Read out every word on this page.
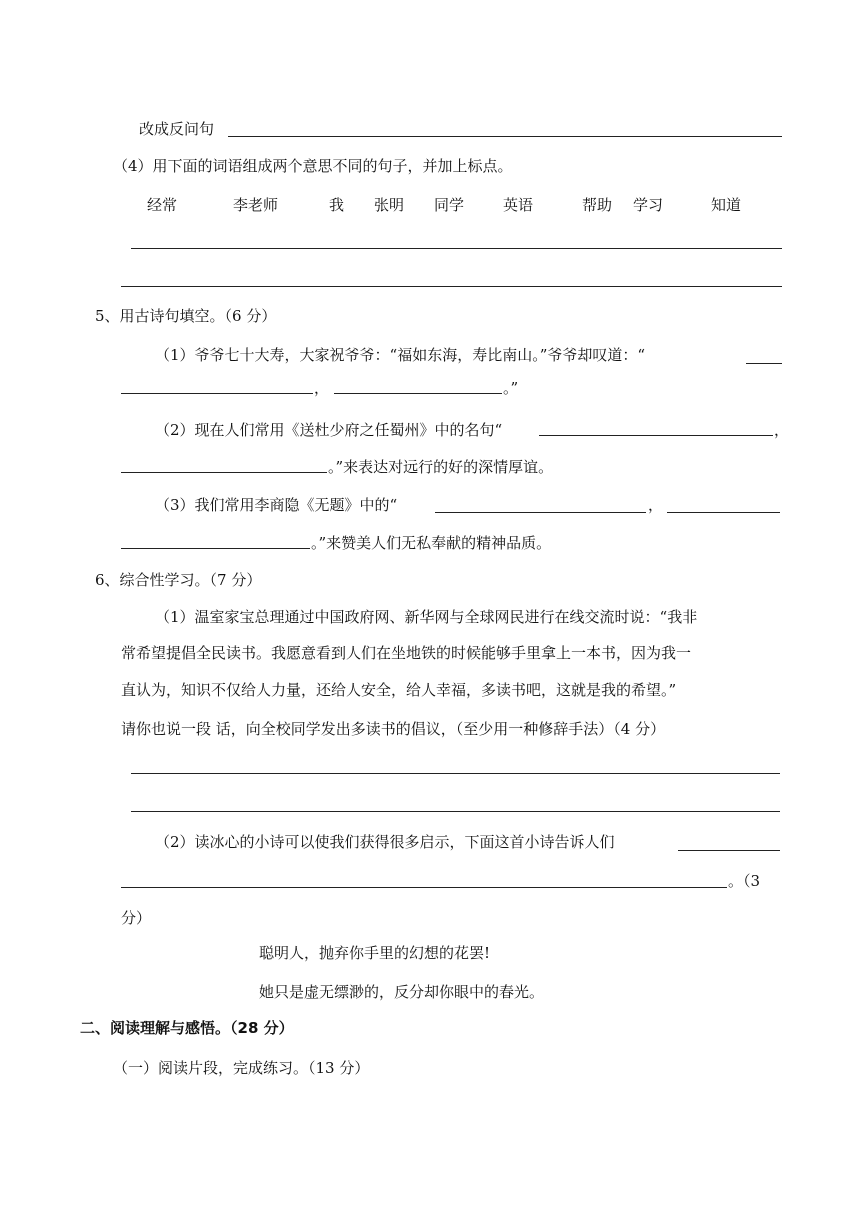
改成反问句
（4）用下面的词语组成两个意思不同的句子，并加上标点。
经常	李老师	我 张明 同学	英语	帮助 学习	知道
5、用古诗句填空。（6 分）
（1）爷爷七十大寿，大家祝爷爷：“福如东海，寿比南山。”爷爷却叹道：“
，	。”
（2）现在人们常用《送杜少府之任蜀州》中的名句“	，
。”来表达对远行的好的深情厚谊。
（3）我们常用李商隐《无题》中的“	，
。”来赞美人们无私奉献的精神品质。
6、综合性学习。（7 分）
（1）温室家宝总理通过中国政府网、新华网与全球网民进行在线交流时说：“我非
常希望提倡全民读书。我愿意看到人们在坐地铁的时候能够手里拿上一本书，因为我一
直认为，知识不仅给人力量，还给人安全，给人幸福，多读书吧，这就是我的希望。”
请你也说一段 话，向全校同学发出多读书的倡议，（至少用一种修辞手法）（4 分）
（2）读冰心的小诗可以使我们获得很多启示，下面这首小诗告诉人们
。（3
分）
聪明人，抛弃你手里的幻想的花罢!
她只是虚无缥渺的，反分却你眼中的春光。
二、阅读理解与感悟。（28 分）
（一）阅读片段，完成练习。（13 分）
